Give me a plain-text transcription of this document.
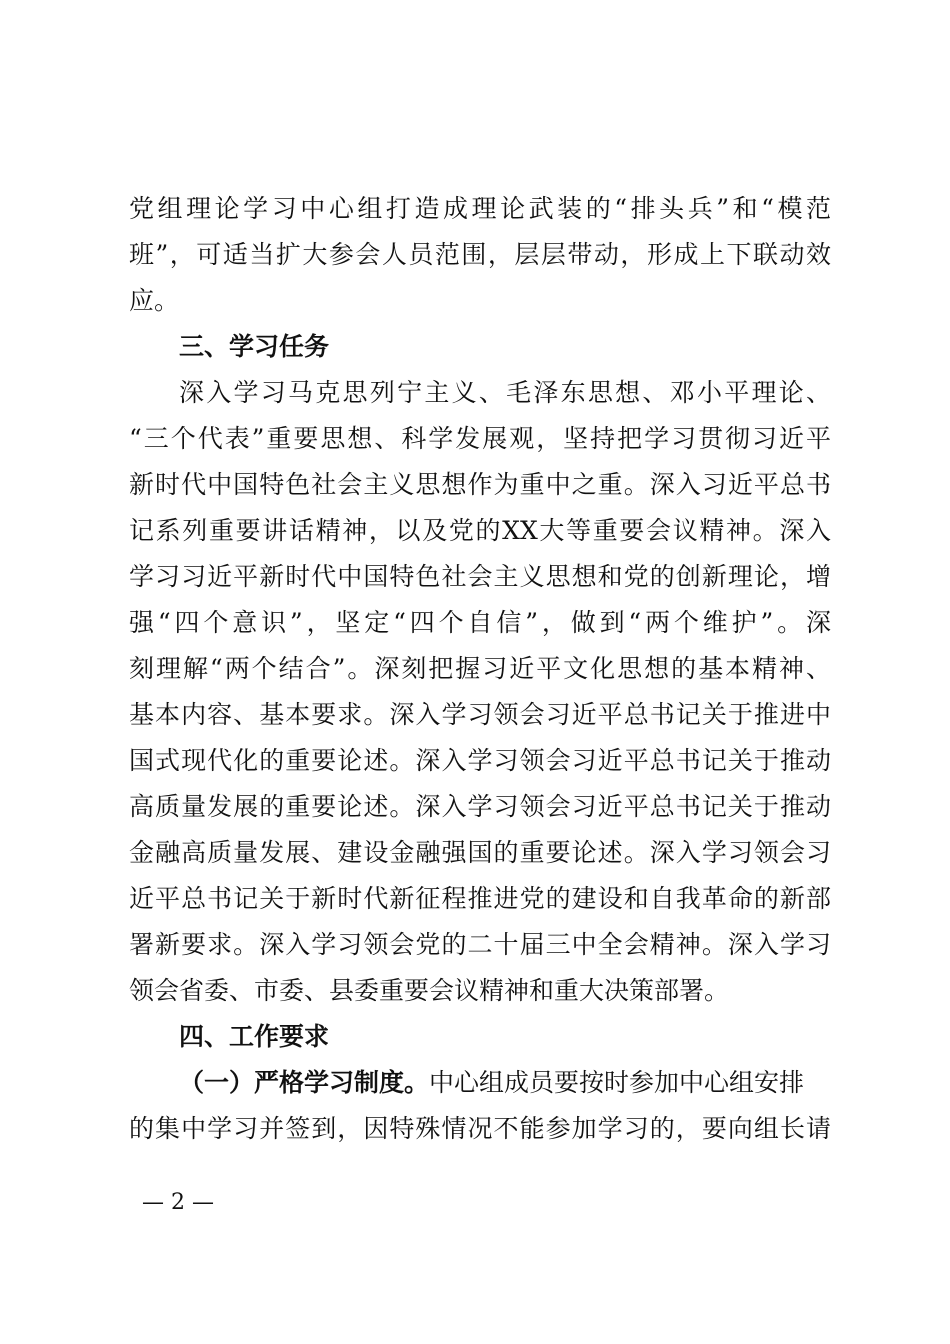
党组理论学习中心组打造成理论武装的“排头兵”和“模范
班”，可适当扩大参会人员范围，层层带动，形成上下联动效
应。
三、学习任务
深入学习马克思列宁主义、毛泽东思想、邓小平理论、
“三个代表”重要思想、科学发展观，坚持把学习贯彻习近平
新时代中国特色社会主义思想作为重中之重。深入习近平总书
记系列重要讲话精神，以及党的XX大等重要会议精神。深入
学习习近平新时代中国特色社会主义思想和党的创新理论，增
强“四个意识”，坚定“四个自信”，做到“两个维护”。深
刻理解“两个结合”。深刻把握习近平文化思想的基本精神、
基本内容、基本要求。深入学习领会习近平总书记关于推进中
国式现代化的重要论述。深入学习领会习近平总书记关于推动
高质量发展的重要论述。深入学习领会习近平总书记关于推动
金融高质量发展、建设金融强国的重要论述。深入学习领会习
近平总书记关于新时代新征程推进党的建设和自我革命的新部
署新要求。深入学习领会党的二十届三中全会精神。深入学习
领会省委、市委、县委重要会议精神和重大决策部署。
四、工作要求
（一）严格学习制度。中心组成员要按时参加中心组安排
的集中学习并签到，因特殊情况不能参加学习的，要向组长请
— 2 —
